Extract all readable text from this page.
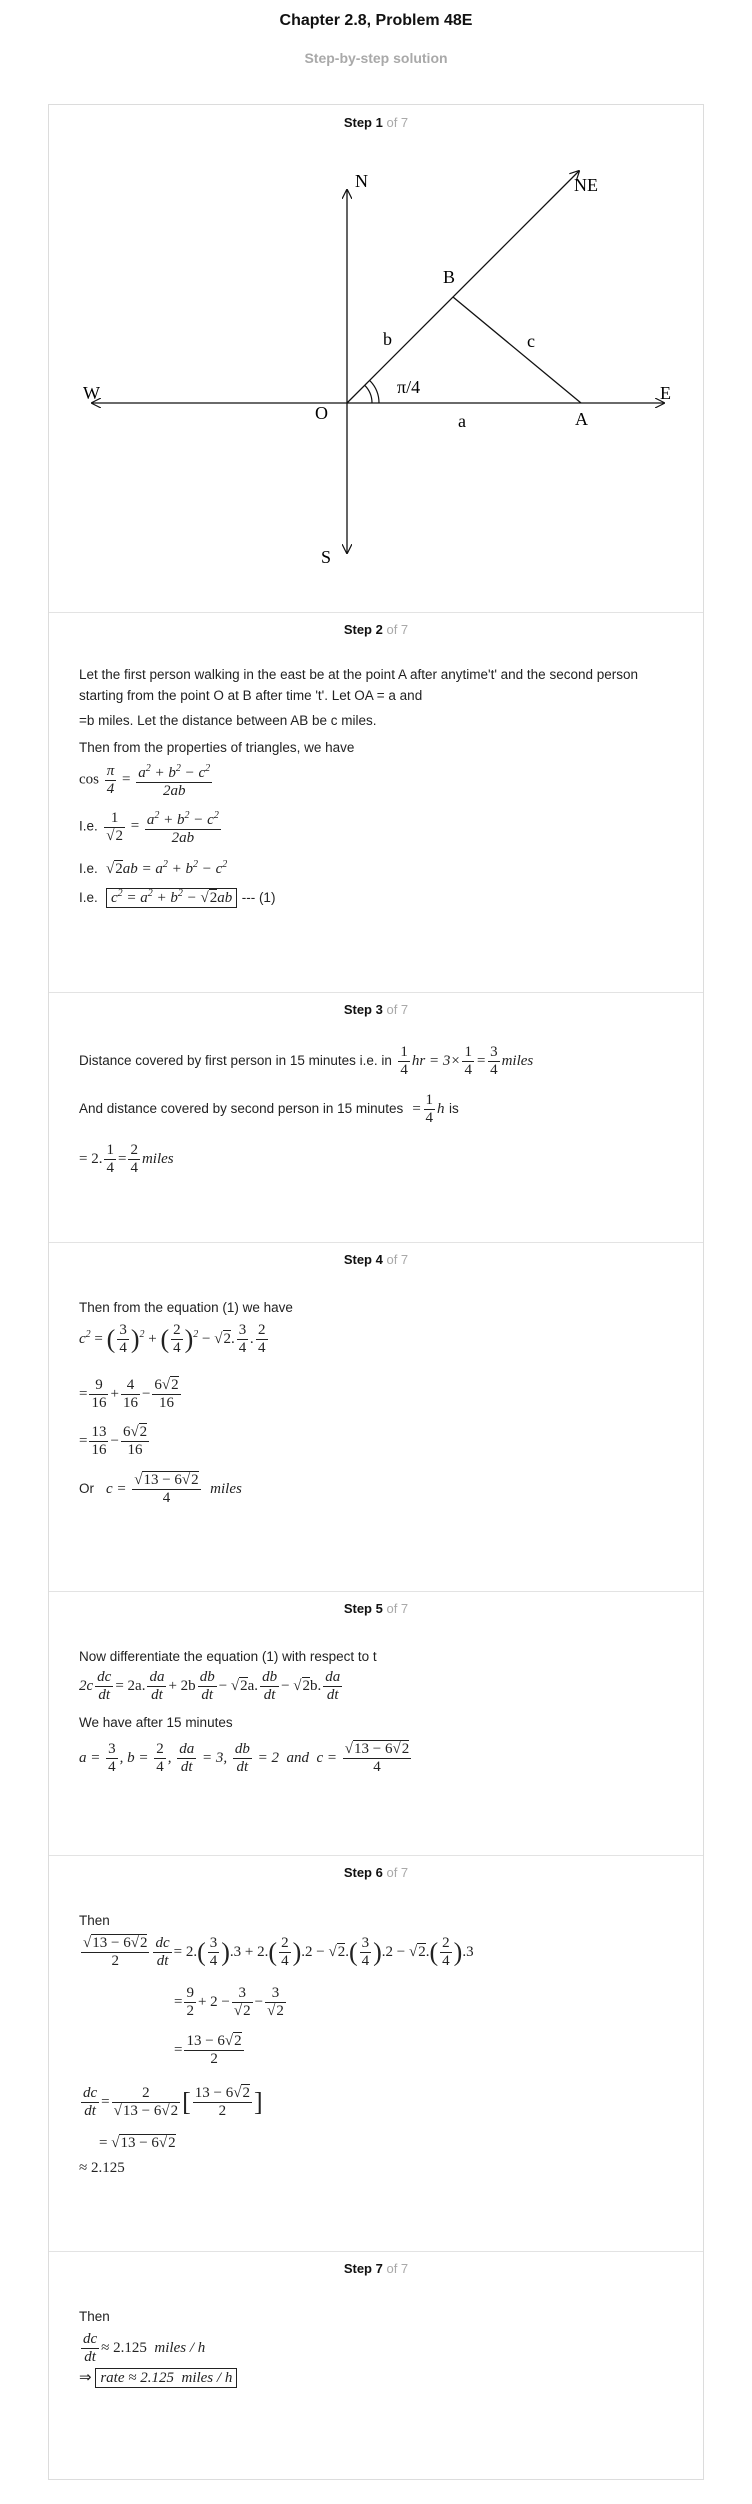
Chapter 2.8, Problem 48E
Step-by-step solution
Step 1 of 7
N	NE
W	E
S
O
B
A
b	c
a
π/4
Step 2 of 7
Let the first person walking in the east be at the point A after anytime't' and the second person
starting from the point O at B after time 't'. Let OA = a and
=b miles. Let the distance between AB be c miles.
Then from the properties of triangles, we have
$\cos \frac{\pi}{4} = \frac{a^2 + b^2 - c^2}{2ab}$
I.e. $\frac{1}{√2} = \frac{a^2 + b^2 - c^2}{2ab}$
I.e. $√2ab = a^2 + b^2 - c^2$
I.e. $c^2 = a^2 + b^2 - √2ab$ --- (1)
Step 3 of 7
Distance covered by first person in 15 minutes i.e. in $\frac{1}{4}$ hr = $3\times \frac{1}{4} = \frac{3}{4}$ miles
And distance covered by second person in 15 minutes  = $\frac{1}{4}$ h is
= 2. $\frac{1}{4} = \frac{2}{4}$ miles
Step 4 of 7
Then from the equation (1) we have
$c^2$ = ( $\frac{3}{4} )^2$ + ( $\frac{2}{4} )^2 - √2$. $\frac{3}{4}$ . $\frac{2}{4}$
= $\frac{9}{16} + \frac{4}{16} - \frac{6√2}{16}$
= $\frac{13}{16} - \frac{6√2}{16}$
Or   $c = \frac{√13 - 6√2}{4}$ miles
Step 5 of 7
Now differentiate the equation (1) with respect to t
$2c \frac{dc}{dt} = 2a$. $\frac{da}{dt} + 2b \frac{db}{dt} - √2a$. $\frac{db}{dt} - √2b$. $\frac{da}{dt}$
We have after 15 minutes
$a = \frac{3}{4}$ , $b = \frac{2}{4}$ , $\frac{da}{dt} = 3$, $\frac{db}{dt} = 2$  and  $c = \frac{√13 - 6√2}{4}$
Step 6 of 7
Then
$\frac{√13 - 6√2}{2} \frac{dc}{dt} = 2.( \frac{3}{4} ).3 + 2.( \frac{2}{4} ).2 - √2.( \frac{3}{4} ).2 - √2.( \frac{2}{4} ).3$
= $\frac{9}{2} + 2 - \frac{3}{√2} - \frac{3}{√2}$
= $\frac{13 - 6√2}{2}$
$\frac{dc}{dt} = \frac{2}{√13 - 6√2}$ [ $\frac{13 - 6√2}{2}$ ]
= √13 − 6√2
≈ 2.125
Step 7 of 7
Then
$\frac{dc}{dt} \approx 2.125$ miles / h
⇒ rate ≈ 2.125 miles / h
